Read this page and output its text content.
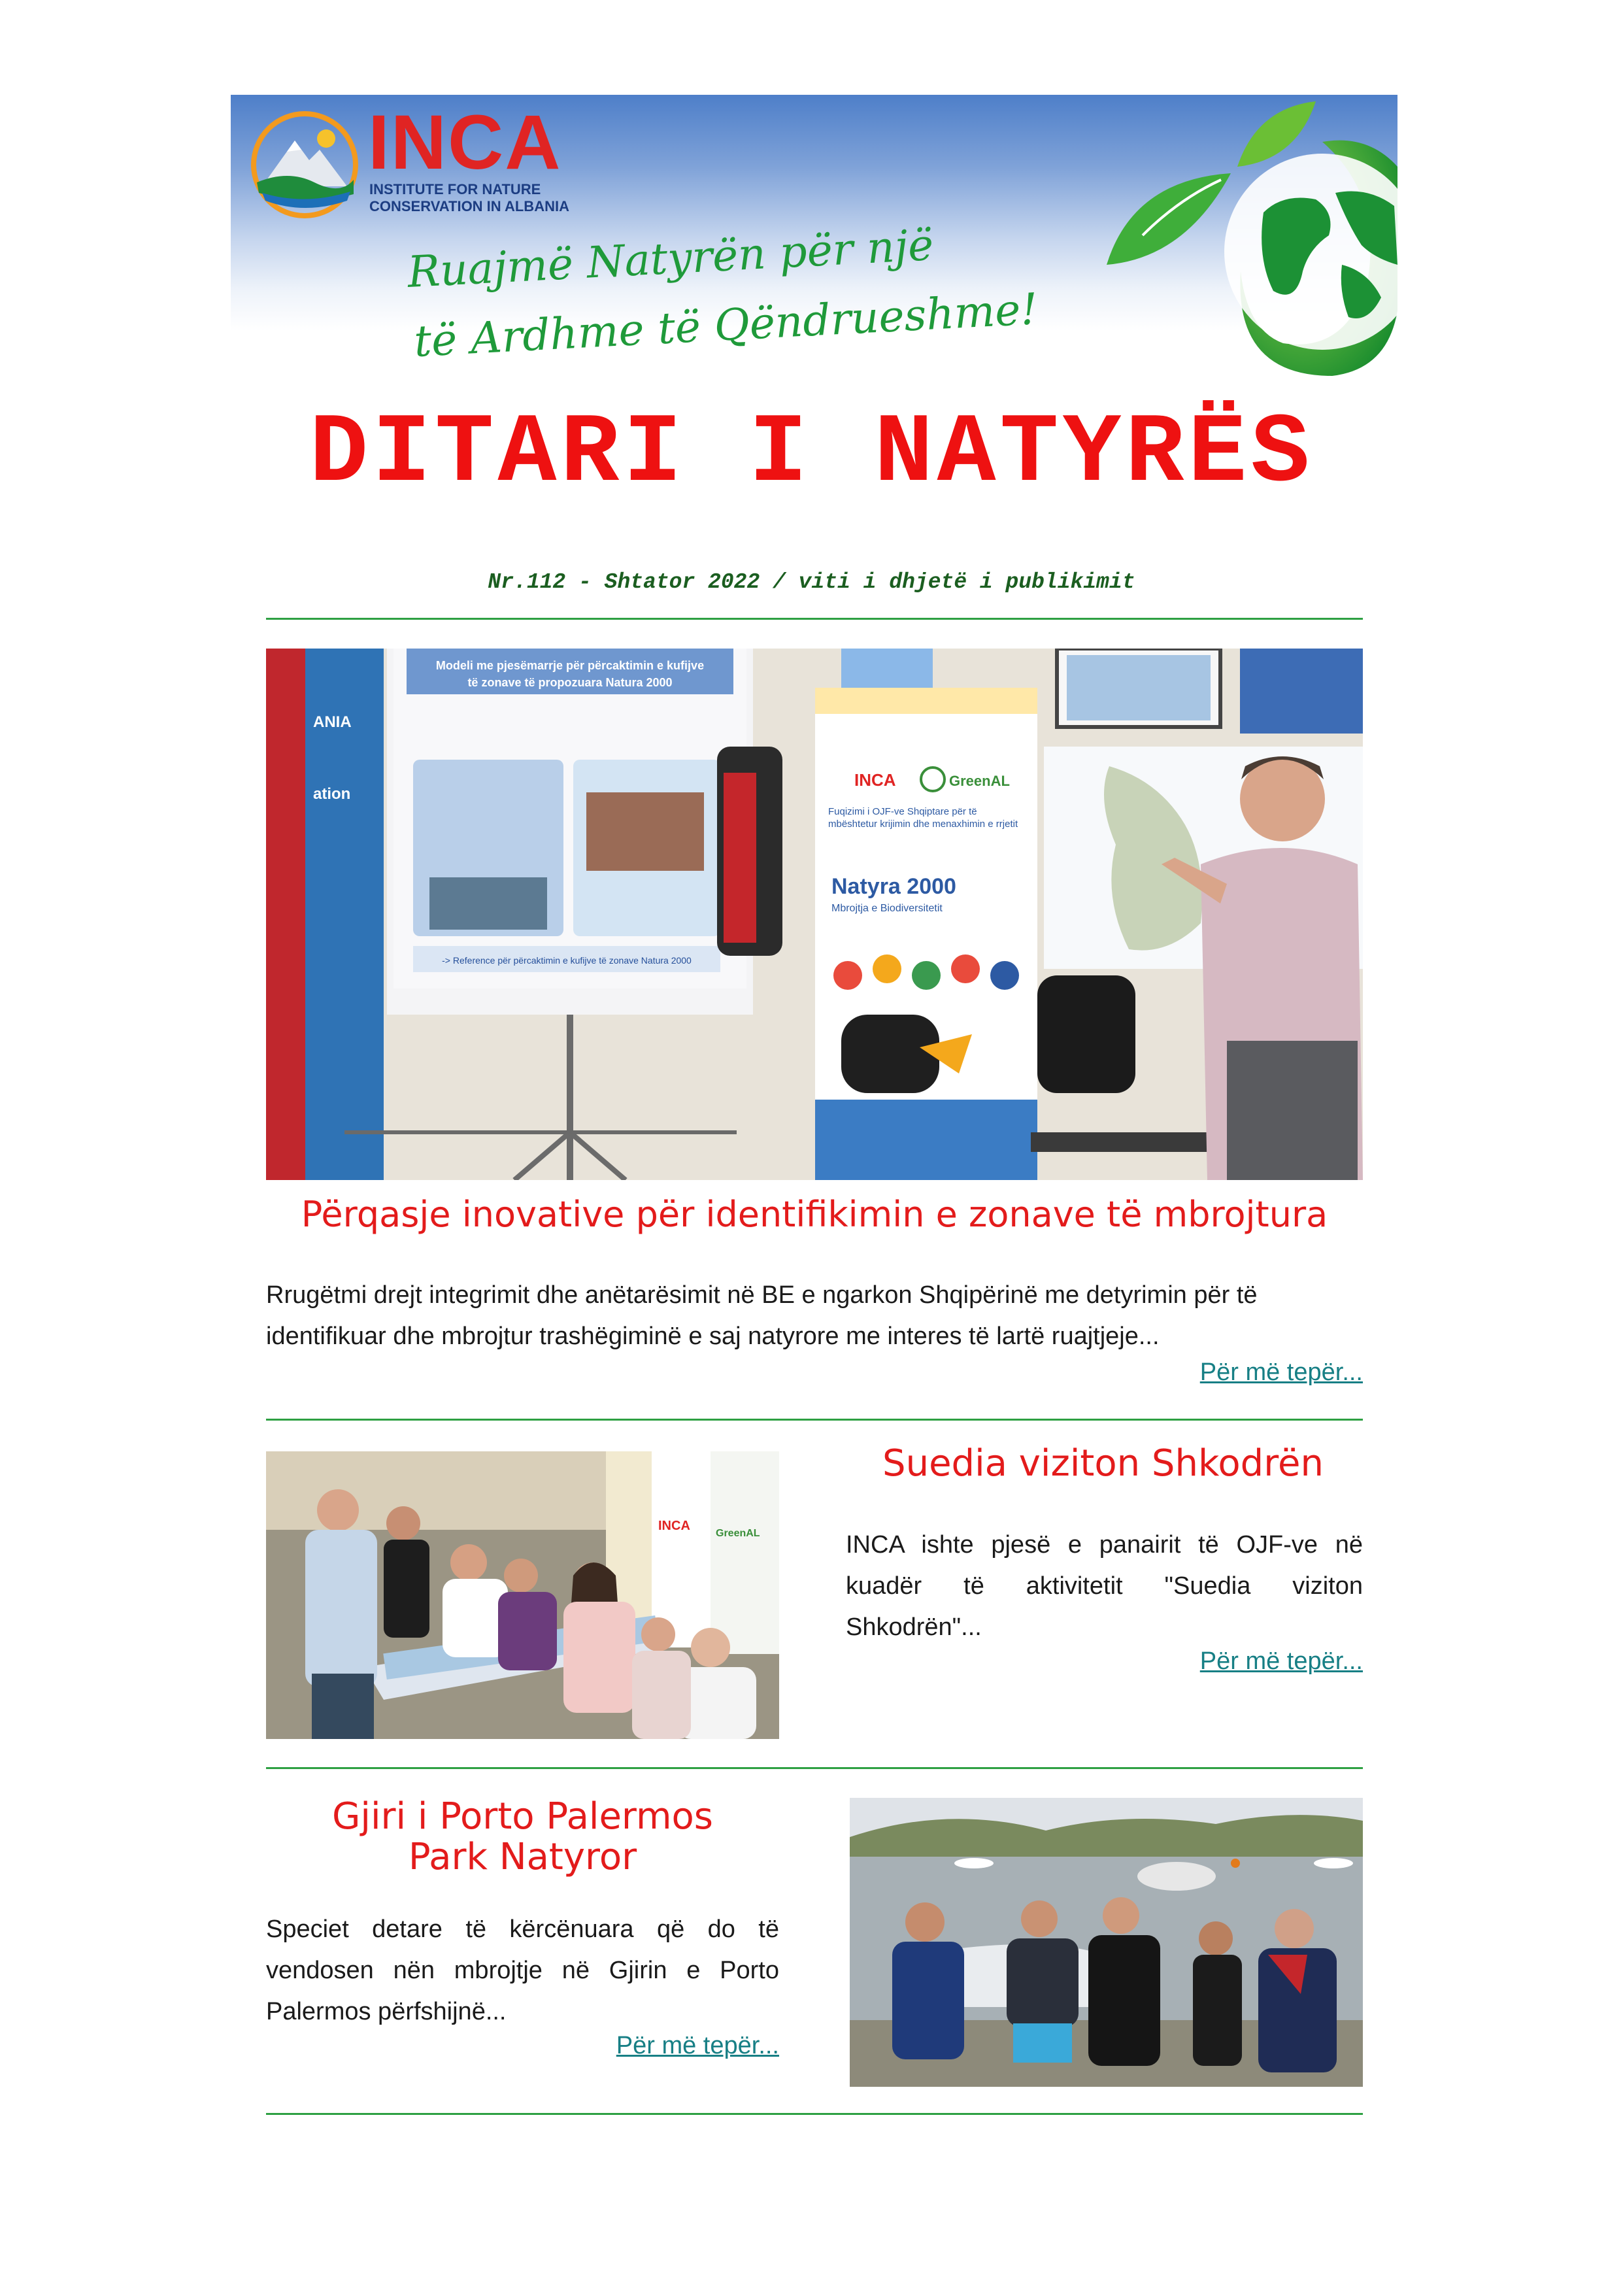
INCA
INSTITUTE FOR NATURE
CONSERVATION IN ALBANIA
Ruajmë Natyrën për një
të Ardhme të Qëndrueshme!
DITARI I NATYRËS
Nr.112 - Shtator 2022 / viti i dhjetë i publikimit
ANIA
ation
Modeli me pjesëmarrje për përcaktimin e kufijve
të zonave të propozuara Natura 2000
-> Reference për përcaktimin e kufijve të zonave Natura 2000
INCA	GreenAL
Fuqizimi i OJF-ve Shqiptare për të mbështetur krijimin dhe menaxhimin e rrjetit
Natyra 2000
Mbrojtja e Biodiversitetit
Përqasje inovative për identifikimin e zonave të mbrojtura
Rrugëtmi drejt integrimit dhe anëtarësimit në BE e ngarkon Shqipërinë me detyrimin për të identifikuar dhe mbrojtur trashëgiminë e saj natyrore me interes të lartë ruajtjeje...
Për më tepër...
INCA
GreenAL
Suedia viziton Shkodrën
INCA ishte pjesë e panairit të OJF-ve në kuadër të aktivitetit "Suedia viziton Shkodrën"...
Për më tepër...
Gjiri i Porto Palermos
Park Natyror
Speciet detare të kërcënuara që do të vendosen nën mbrojtje në Gjirin e Porto Palermos përfshijnë...
Për më tepër...
